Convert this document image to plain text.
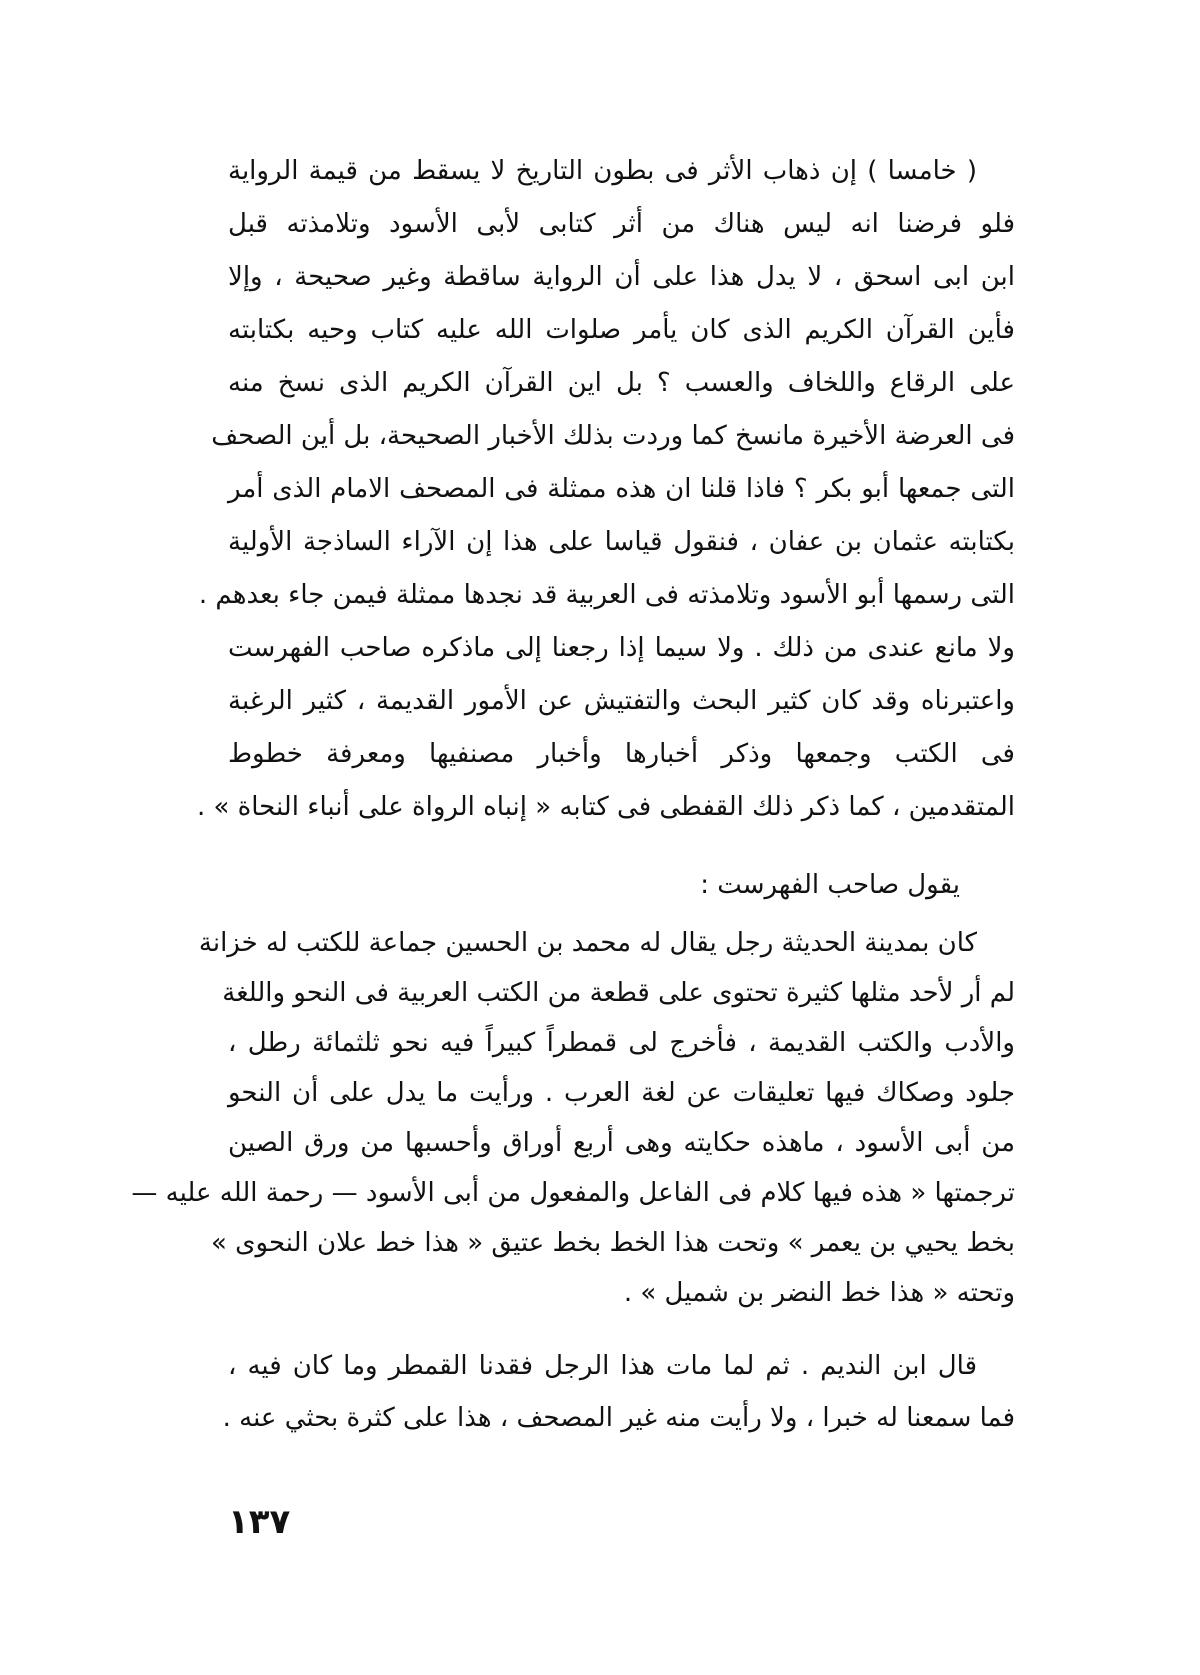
( خامسا ) إن ذهاب الأثر فى بطون التاريخ لا يسقط من قيمة الرواية
فلو فرضنا انه ليس هناك من أثر كتابى لأبى الأسود وتلامذته قبل
ابن ابى اسحق ، لا يدل هذا على أن الرواية ساقطة وغير صحيحة ، وإلا
فأين القرآن الكريم الذى كان يأمر صلوات الله عليه كتاب وحيه بكتابته
على الرقاع واللخاف والعسب ؟ بل اين القرآن الكريم الذى نسخ منه
فى العرضة الأخيرة مانسخ كما وردت بذلك الأخبار الصحيحة، بل أين الصحف
التى جمعها أبو بكر ؟ فاذا قلنا ان هذه ممثلة فى المصحف الامام الذى أمر
بكتابته عثمان بن عفان ، فنقول قياسا على هذا إن الآراء الساذجة الأولية
التى رسمها أبو الأسود وتلامذته فى العربية قد نجدها ممثلة فيمن جاء بعدهم .
ولا مانع عندى من ذلك . ولا سيما إذا رجعنا إلى ماذكره صاحب الفهرست
واعتبرناه وقد كان كثير البحث والتفتيش عن الأمور القديمة ، كثير الرغبة
فى الكتب وجمعها وذكر أخبارها وأخبار مصنفيها ومعرفة خطوط
المتقدمين ، كما ذكر ذلك القفطى فى كتابه « إنباه الرواة على أنباء النحاة » .
يقول صاحب الفهرست :
كان بمدينة الحديثة رجل يقال له محمد بن الحسين جماعة للكتب له خزانة
لم أر لأحد مثلها كثيرة تحتوى على قطعة من الكتب العربية فى النحو واللغة
والأدب والكتب القديمة ، فأخرج لى قمطراً كبيراً فيه نحو ثلثمائة رطل ،
جلود وصكاك فيها تعليقات عن لغة العرب . ورأيت ما يدل على أن النحو
من أبى الأسود ، ماهذه حكايته وهى أربع أوراق وأحسبها من ورق الصين
ترجمتها « هذه فيها كلام فى الفاعل والمفعول من أبى الأسود — رحمة الله عليه —
بخط يحيي بن يعمر » وتحت هذا الخط بخط عتيق « هذا خط علان النحوى »
وتحته « هذا خط النضر بن شميل » .
قال ابن النديم . ثم لما مات هذا الرجل فقدنا القمطر وما كان فيه ،
فما سمعنا له خبرا ، ولا رأيت منه غير المصحف ، هذا على كثرة بحثي عنه .
١٣٧
